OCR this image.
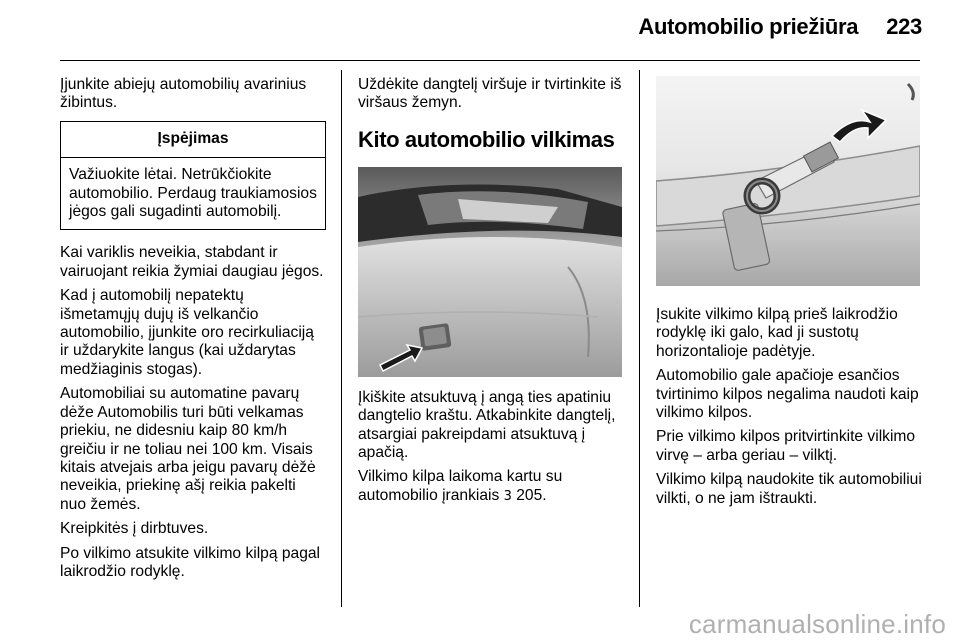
Automobilio priežiūra 223

Įjunkite abiejų automobilių avarinius žibintus.

Įspėjimas
Važiuokite lėtai. Netrūkčiokite automobilio. Perdaug traukiamosios jėgos gali sugadinti automobilį.

Kai variklis neveikia, stabdant ir vairuojant reikia žymiai daugiau jėgos.

Kad į automobilį nepatektų išmetamųjų dujų iš velkančio automobilio, įjunkite oro recirkuliaciją ir uždarykite langus (kai uždarytas medžiaginis stogas).

Automobiliai su automatine pavarų dėže Automobilis turi būti velkamas priekiu, ne didesniu kaip 80 km/h greičiu ir ne toliau nei 100 km. Visais kitais atvejais arba jeigu pavarų dėžė neveikia, priekinę ašį reikia pakelti nuo žemės.

Kreipkitės į dirbtuves.

Po vilkimo atsukite vilkimo kilpą pagal laikrodžio rodyklę.

Uždėkite dangtelį viršuje ir tvirtinkite iš viršaus žemyn.

Kito automobilio vilkimas

Įkiškite atsuktuvą į angą ties apatiniu dangtelio kraštu. Atkabinkite dangtelį, atsargiai pakreipdami atsuktuvą į apačią.

Vilkimo kilpa laikoma kartu su automobilio įrankiais 3 205.

Įsukite vilkimo kilpą prieš laikrodžio rodyklę iki galo, kad ji sustotų horizontalioje padėtyje.

Automobilio gale apačioje esančios tvirtinimo kilpos negalima naudoti kaip vilkimo kilpos.

Prie vilkimo kilpos pritvirtinkite vilkimo virvę – arba geriau – vilktį.

Vilkimo kilpą naudokite tik automobiliui vilkti, o ne jam ištraukti.

carmanualsonline.info
